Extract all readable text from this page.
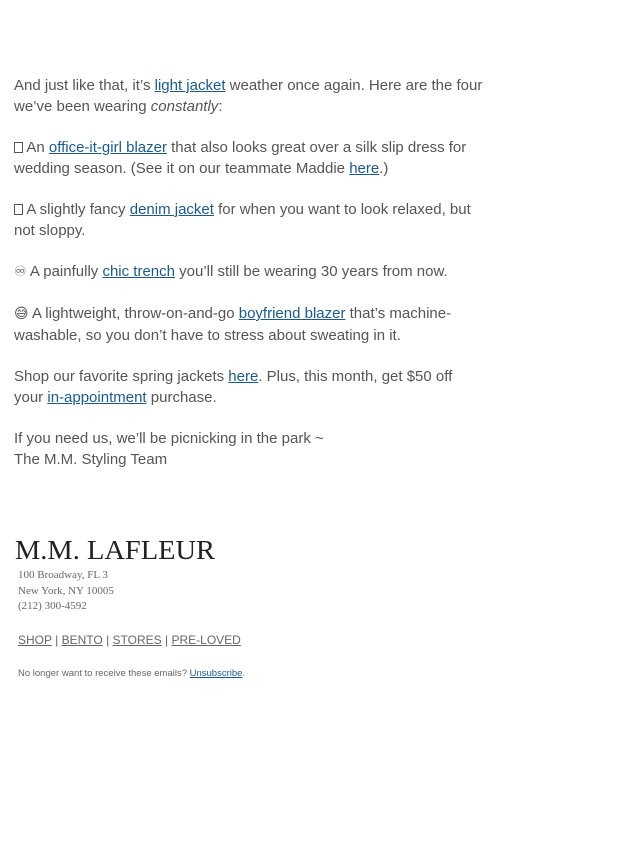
And just like that, it’s light jacket weather once again. Here are the four we’ve been wearing constantly:

An office-it-girl blazer that also looks great over a silk slip dress for wedding season. (See it on our teammate Maddie here.)

A slightly fancy denim jacket for when you want to look relaxed, but not sloppy.

♾ A painfully chic trench you’ll still be wearing 30 years from now.

😅 A lightweight, throw-on-and-go boyfriend blazer that’s machine-washable, so you don’t have to stress about sweating in it.

Shop our favorite spring jackets here. Plus, this month, get $50 off your in-appointment purchase.

If you need us, we’ll be picnicking in the park ~
The M.M. Styling Team

M.M. LAFLEUR
100 Broadway, FL 3
New York, NY 10005
(212) 300-4592
SHOP | BENTO | STORES | PRE-LOVED
No longer want to receive these emails? Unsubscribe.
